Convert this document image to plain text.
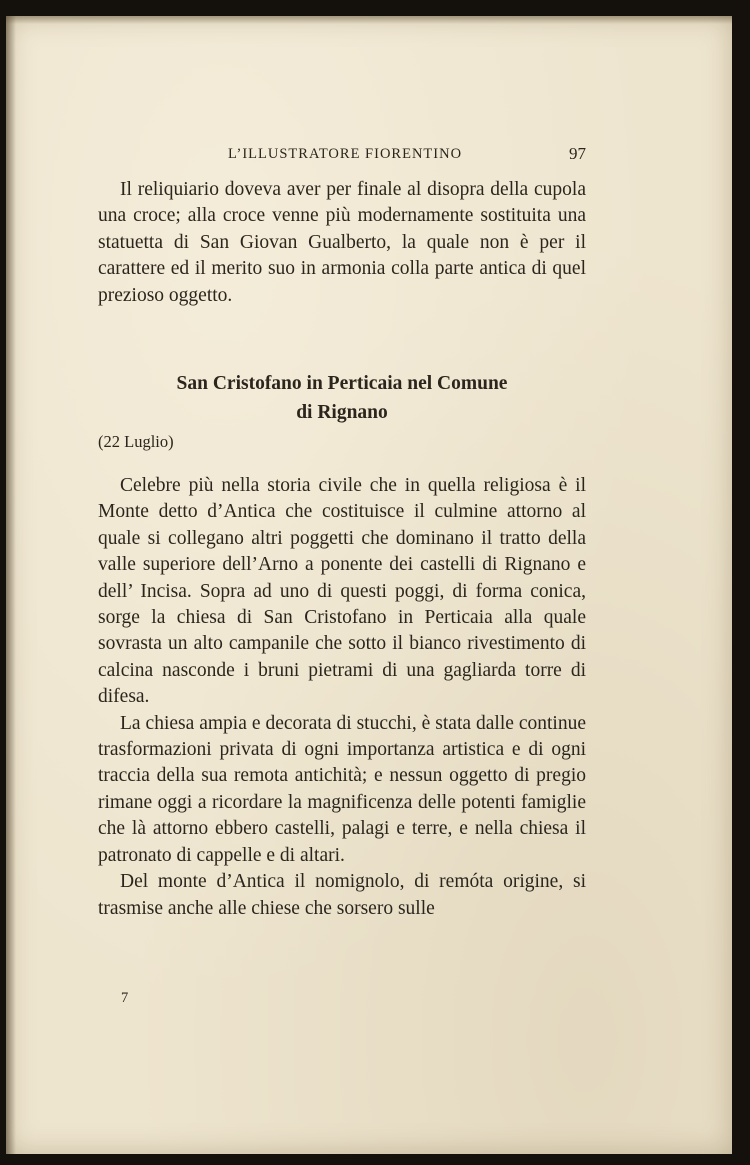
L’ILLUSTRATORE FIORENTINO	97

Il reliquiario doveva aver per finale al disopra della cupola una croce; alla croce venne più modernamente sostituita una statuetta di San Giovan Gualberto, la quale non è per il carattere ed il merito suo in armonia colla parte antica di quel prezioso oggetto.

San Cristofano in Perticaia nel Comune
di Rignano
(22 Luglio)

Celebre più nella storia civile che in quella religiosa è il Monte detto d’Antica che costituisce il culmine attorno al quale si collegano altri poggetti che dominano il tratto della valle superiore dell’Arno a ponente dei castelli di Rignano e dell’ Incisa. Sopra ad uno di questi poggi, di forma conica, sorge la chiesa di San Cristofano in Perticaia alla quale sovrasta un alto campanile che sotto il bianco rivestimento di calcina nasconde i bruni pietrami di una gagliarda torre di difesa.

La chiesa ampia e decorata di stucchi, è stata dalle continue trasformazioni privata di ogni importanza artistica e di ogni traccia della sua remota antichità; e nessun oggetto di pregio rimane oggi a ricordare la magnificenza delle potenti famiglie che là attorno ebbero castelli, palagi e terre, e nella chiesa il patronato di cappelle e di altari.

Del monte d’Antica il nomignolo, di remóta origine, si trasmise anche alle chiese che sorsero sulle

7
